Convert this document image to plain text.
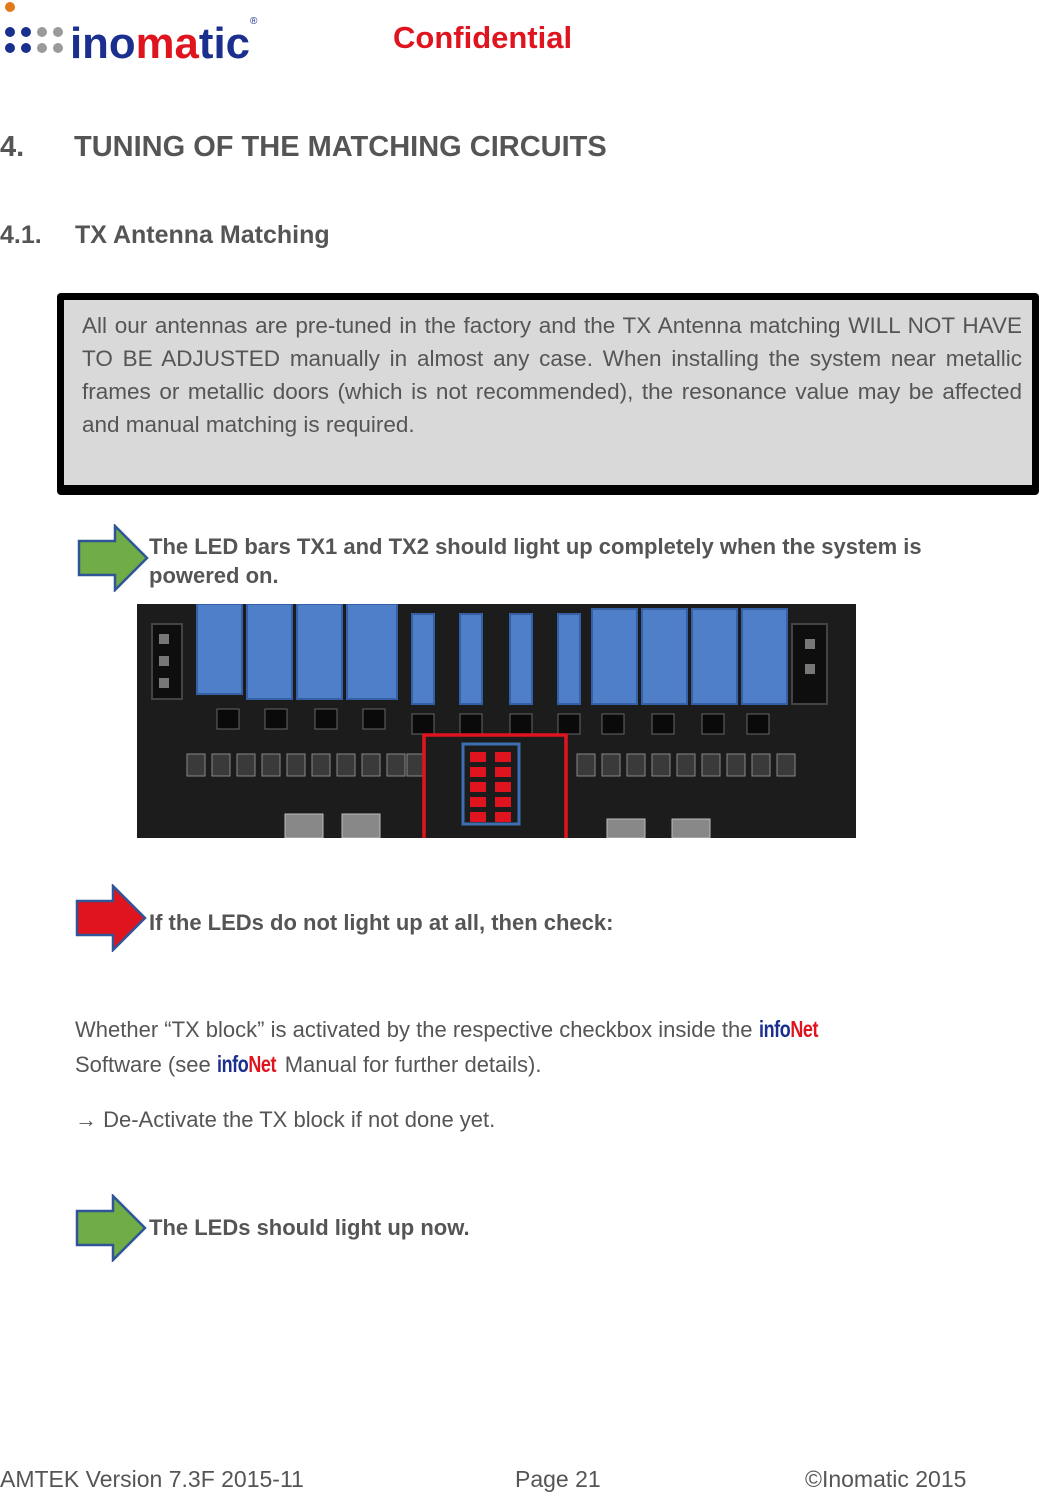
inomatic ®	Confidential
4. TUNING OF THE MATCHING CIRCUITS
4.1. TX Antenna Matching
All our antennas are pre-tuned in the factory and the TX Antenna matching WILL NOT HAVE TO BE ADJUSTED manually in almost any case. When installing the system near metallic frames or metallic doors (which is not recommended), the resonance value may be affected and manual matching is required.
The LED bars TX1 and TX2 should light up completely when the system is powered on.
If the LEDs do not light up at all, then check:
Whether “TX block” is activated by the respective checkbox inside the infoNet
Software (see infoNet Manual for further details).
→ De-Activate the TX block if not done yet.
The LEDs should light up now.
AMTEK Version 7.3F 2015-11	Page 21	©Inomatic 2015
